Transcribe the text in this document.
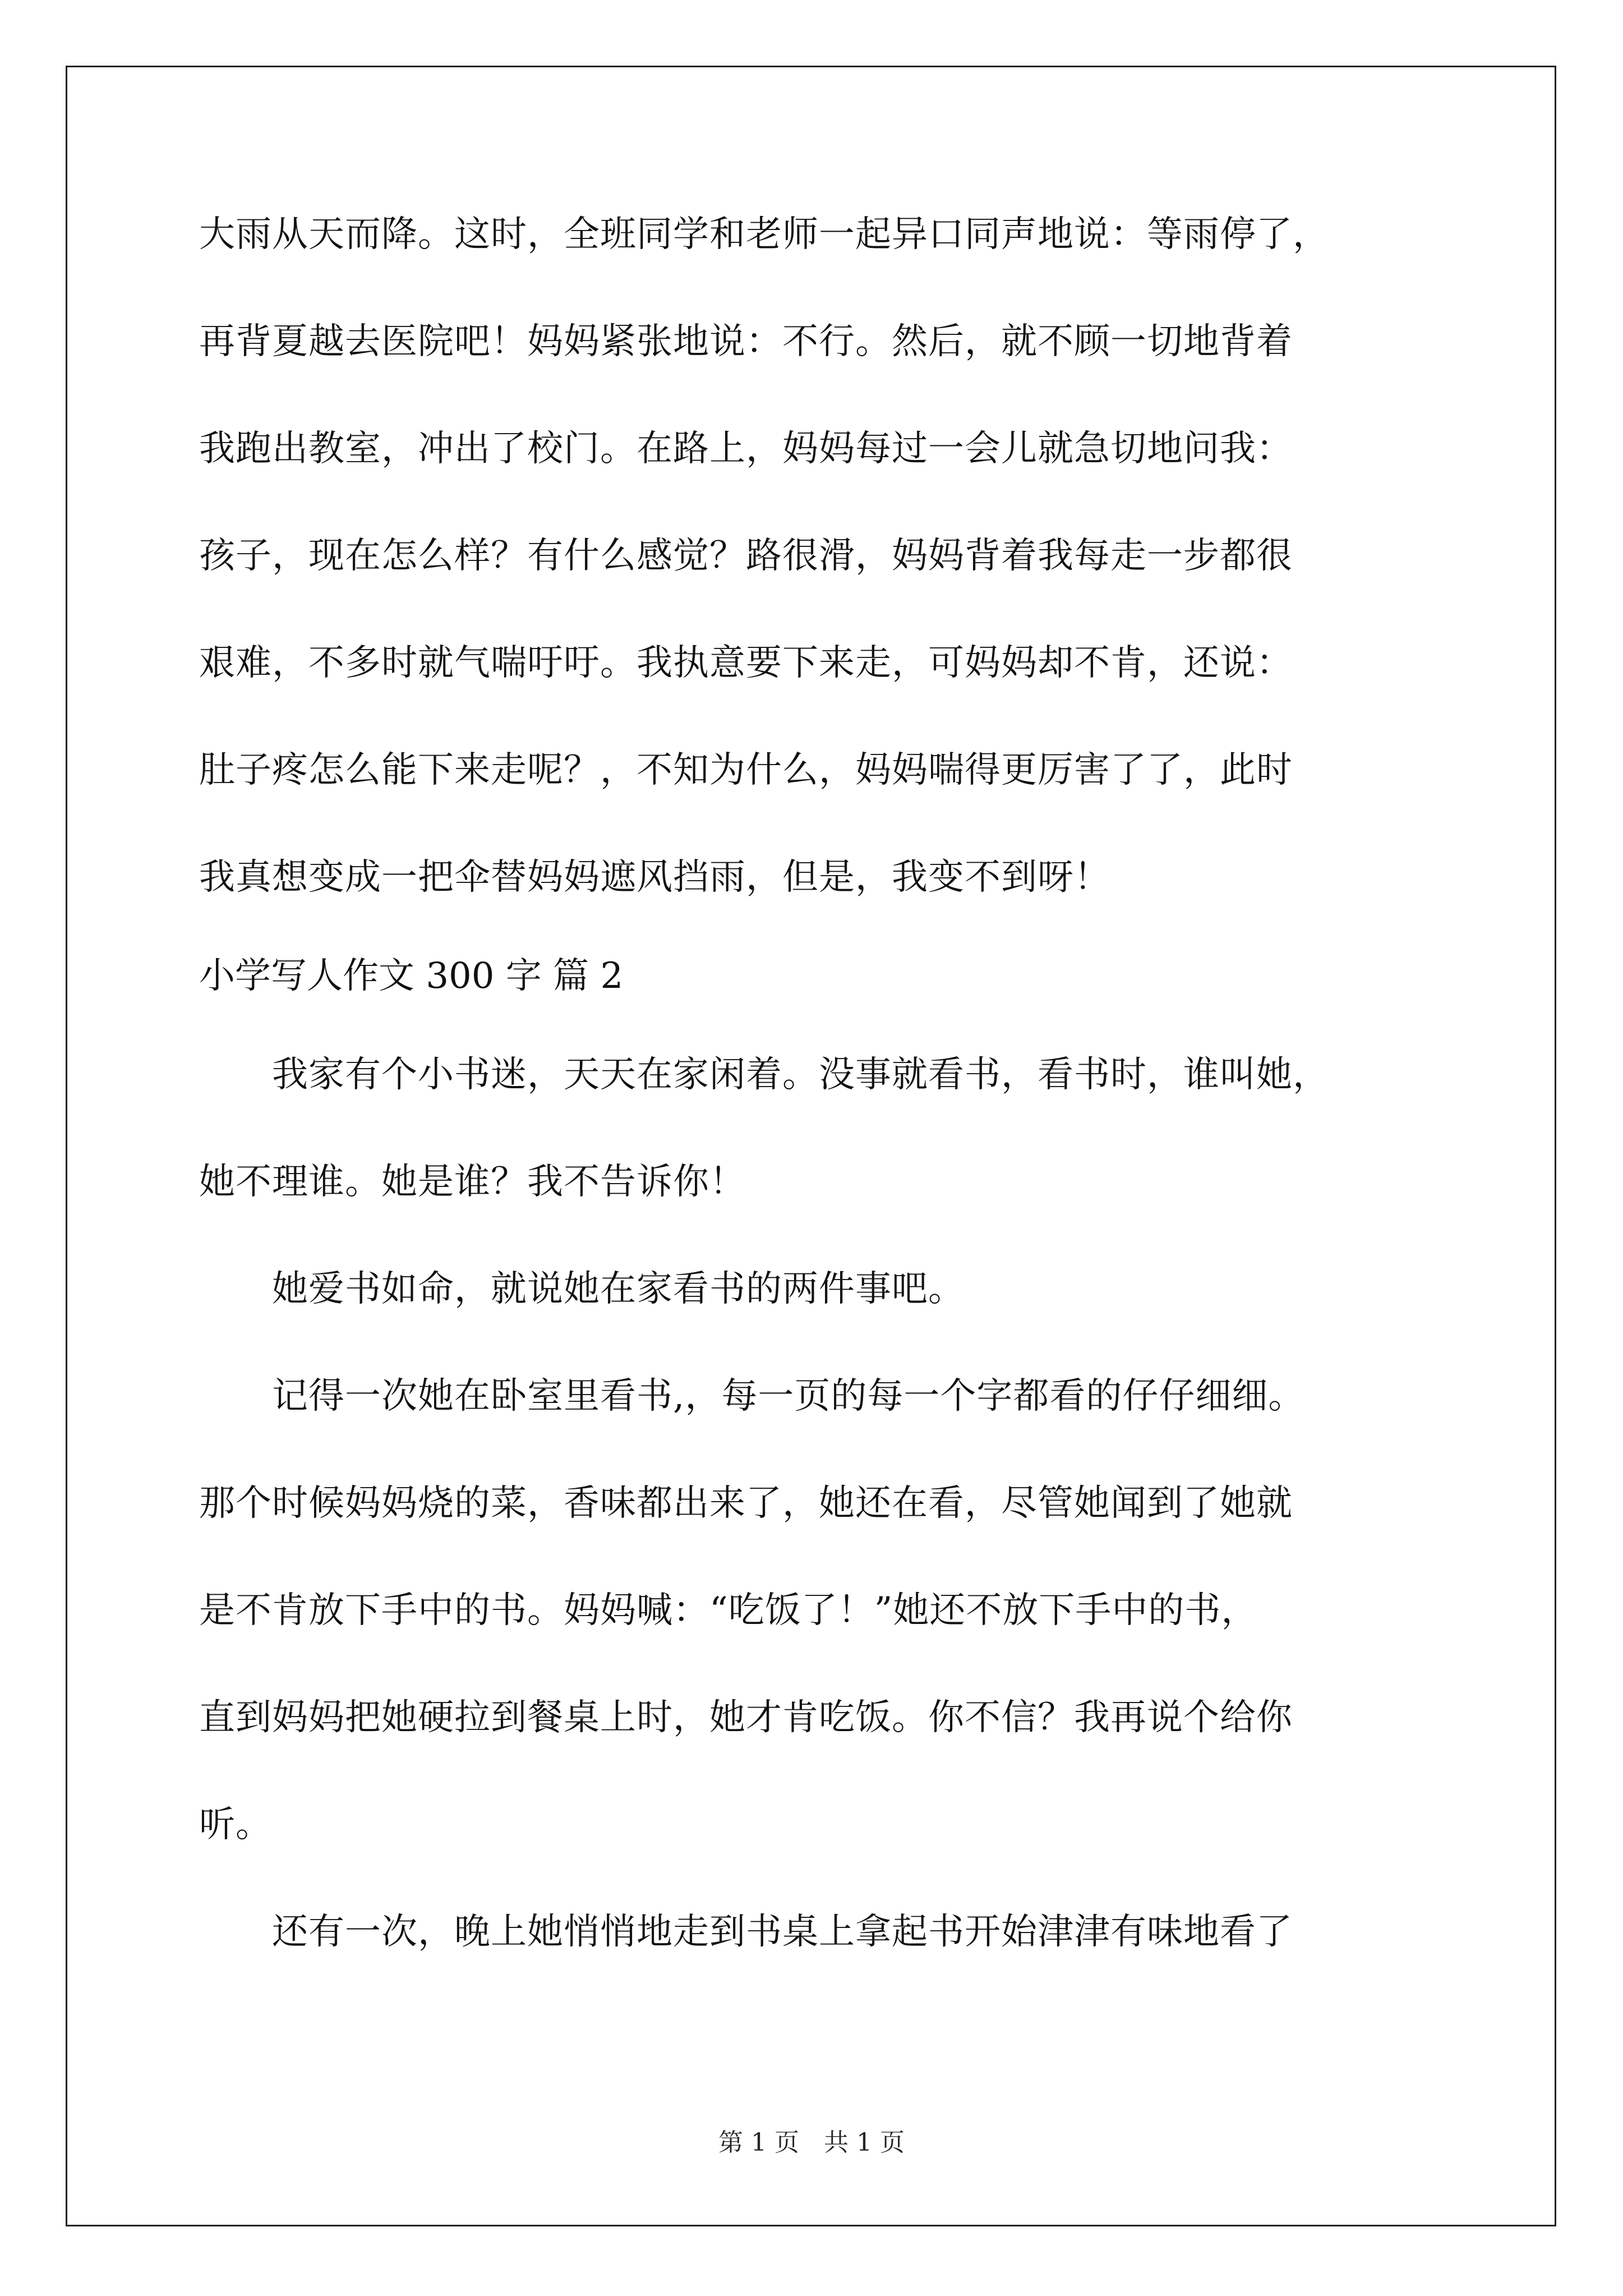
大雨从天而降。这时，全班同学和老师一起异口同声地说：等雨停了，
再背夏越去医院吧！妈妈紧张地说：不行。然后，就不顾一切地背着
我跑出教室，冲出了校门。在路上，妈妈每过一会儿就急切地问我：
孩子，现在怎么样？有什么感觉？路很滑，妈妈背着我每走一步都很
艰难，不多时就气喘吁吁。我执意要下来走，可妈妈却不肯，还说：
肚子疼怎么能下来走呢？，不知为什么，妈妈喘得更厉害了了，此时
我真想变成一把伞替妈妈遮风挡雨，但是，我变不到呀！
小学写人作文 300 字 篇 2
　　我家有个小书迷，天天在家闲着。没事就看书，看书时，谁叫她，
她不理谁。她是谁？我不告诉你！
　　她爱书如命，就说她在家看书的两件事吧。
　　记得一次她在卧室里看书,，每一页的每一个字都看的仔仔细细。
那个时候妈妈烧的菜，香味都出来了，她还在看，尽管她闻到了她就
是不肯放下手中的书。妈妈喊：“吃饭了！”她还不放下手中的书，
直到妈妈把她硬拉到餐桌上时，她才肯吃饭。你不信？我再说个给你
听。
　　还有一次，晚上她悄悄地走到书桌上拿起书开始津津有味地看了
第 1 页　共 1 页
